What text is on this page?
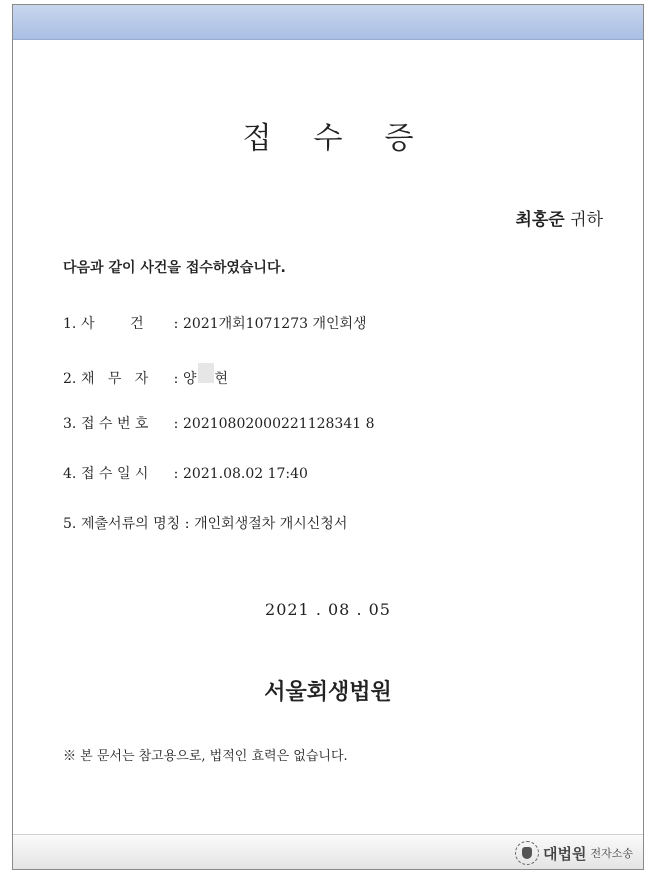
접수증
최홍준 귀하
다음과 같이 사건을 접수하였습니다.
1. 사        건	: 2021개회1071273 개인회생
2. 채   무   자	: 양 현
3. 접 수 번 호	: 20210802000221128341 8
4. 접 수 일 시	: 2021.08.02 17:40
5. 제출서류의 명칭 : 개인회생절차 개시신청서
2021 . 08 . 05
서울회생법원
※ 본 문서는 참고용으로, 법적인 효력은 없습니다.
대법원 전자소송
